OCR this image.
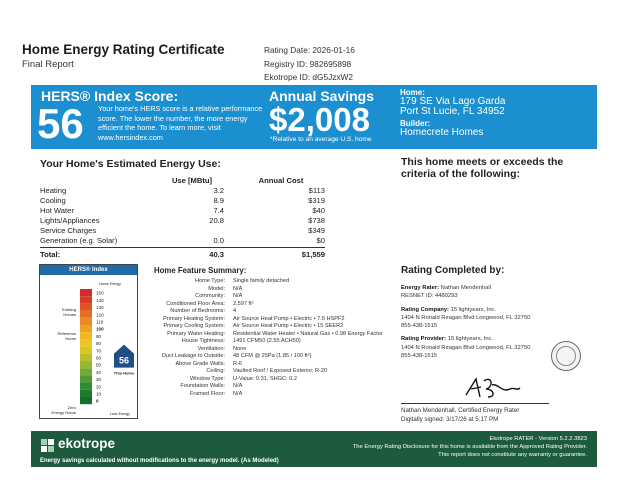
Home Energy Rating Certificate
Final Report
Rating Date: 2026-01-16
Registry ID: 982695898
Ekotrope ID: dG5JzxW2
HERS® Index Score:
56 Your home's HERS score is a relative performance score. The lower the number, the more energy efficient the home. To learn more, visit www.hersindex.com
Annual Savings
$2,008
*Relative to an average U.S. home
Home:
179 SE Via Lago Garda
Port St Lucie, FL 34952
Builder:
Homecrete Homes
Your Home's Estimated Energy Use:
	Use [MBtu]	Annual Cost
Heating	3.2	$113
Cooling	8.9	$319
Hot Water	7.4	$40
Lights/Appliances	20.8	$738
Service Charges		$349
Generation (e.g. Solar)	0.0	$0
Total:	40.3	$1,559
This home meets or exceeds the
criteria of the following:
HERS® Index
150
140
130
120
110
100
90
80
70
60
50
40
30
20
10
0
Home Energy
Existing
Homes
Reference
Home
Zero
Energy Home	Less Energy
56
This Home
Home Feature Summary:
Home Type:	Single family detached
Model:	N/A
Community:	N/A
Conditioned Floor Area:	2,597 ft²
Number of Bedrooms:	4
Primary Heating System:	Air Source Heat Pump • Electric • 7.5 HSPF2
Primary Cooling System:	Air Source Heat Pump • Electric • 15 SEER2
Primary Water Heating:	Residential Water Heater • Natural Gas • 0.98 Energy Factor
House Tightness:	1491 CFM50 (2.55 ACH50)
Ventilation:	None
Duct Leakage to Outside:	48 CFM @ 25Pa (1.85 / 100 ft²)
Above Grade Walls:	R-6
Ceiling:	Vaulted Roof / Exposed Exterior, R-20
Window Type:	U-Value: 0.31, SHGC: 0.2
Foundation Walls:	N/A
Framed Floor:	N/A
Rating Completed by:
Energy Rater: Nathan Mendenhall
RESNET ID: 4480293
Rating Company: 15 lightyears, Inc.
1404 N Ronald Reagan Blvd Longwood, FL 32750
855-438-1515
Rating Provider: 15 lightyears, Inc.
1404 N Ronald Reagan Blvd Longwood, FL 32750
855-438-1515
Nathan Mendenhall, Certified Energy Rater
Digitally signed: 3/17/26 at 5:17 PM
ekotrope
Energy savings calculated without modifications to the energy model. (As Modeled)
Ekotrope RATER - Version 5.2.2.3823
The Energy Rating Disclosure for this home is available from the Approved Rating Provider.
This report does not constitute any warranty or guarantee.
